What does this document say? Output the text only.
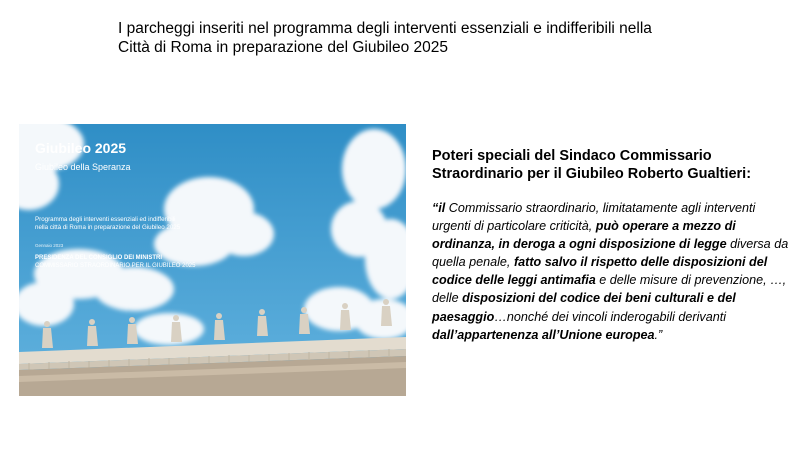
I parcheggi inseriti nel programma degli interventi essenziali e indifferibili nella
Città di Roma in preparazione del Giubileo 2025
Giubileo 2025
Giubileo della Speranza
Programma degli interventi essenziali ed indifferibili
nella città di Roma in preparazione del Giubileo 2025
Gennaio 2023
PRESIDENZA DEL CONSIGLIO DEI MINISTRI
COMMISSARIO STRAORDINARIO PER IL GIUBILEO 2025
Poteri speciali del Sindaco Commissario
Straordinario per il Giubileo Roberto Gualtieri:
“il Commissario straordinario, limitatamente agli interventi urgenti di particolare criticità, può operare a mezzo di ordinanza, in deroga a ogni disposizione di legge diversa da quella penale, fatto salvo il rispetto delle disposizioni del codice delle leggi antimafia e delle misure di prevenzione, …, delle disposizioni del codice dei beni culturali e del paesaggio…nonché dei vincoli inderogabili derivanti dall’appartenenza all’Unione europea.”
